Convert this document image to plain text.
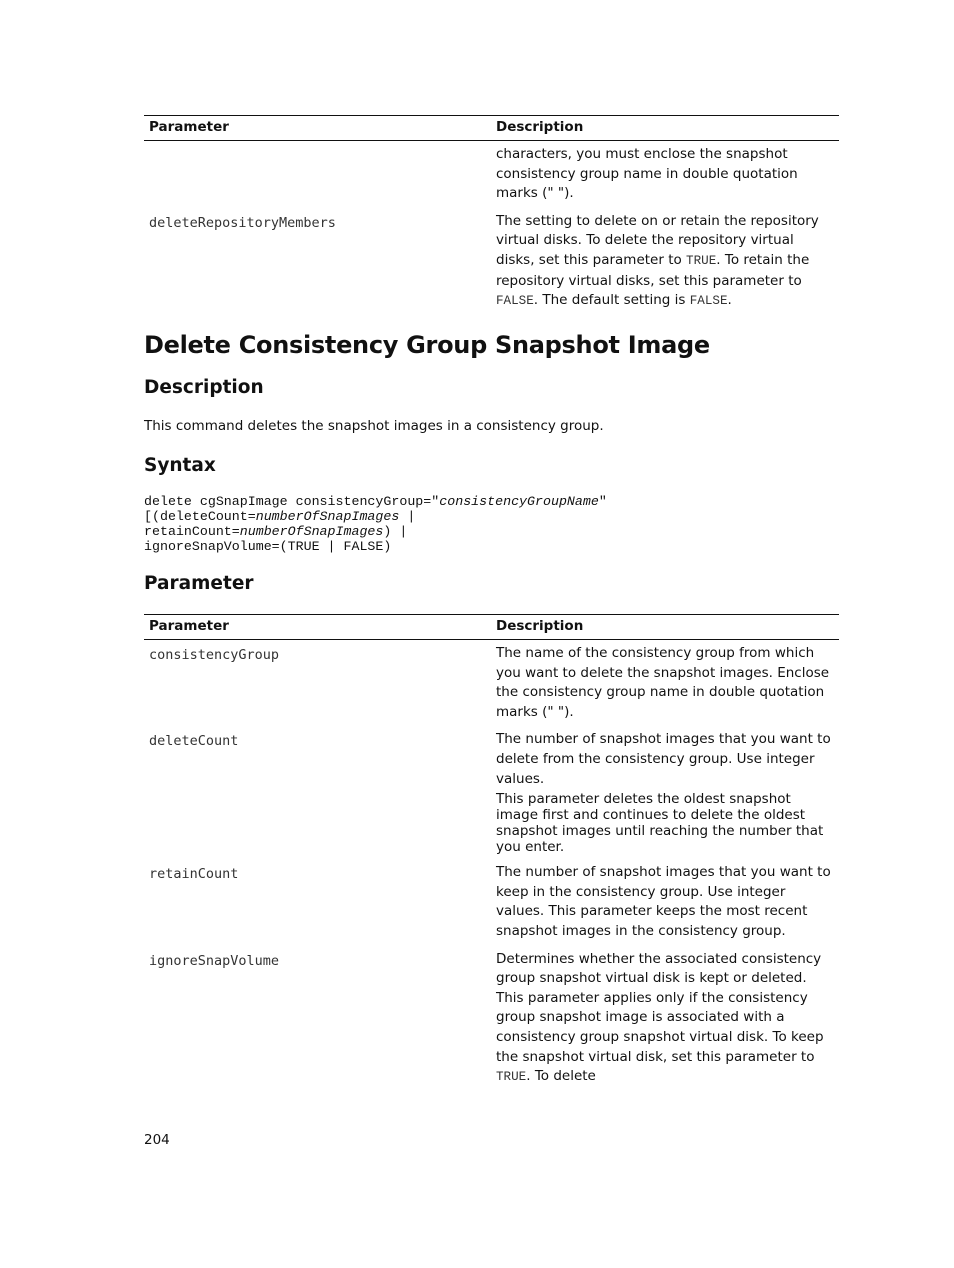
Parameter	Description
	characters, you must enclose the snapshot consistency group name in double quotation marks (" ").
deleteRepositoryMembers	The setting to delete on or retain the repository virtual disks. To delete the repository virtual disks, set this parameter to TRUE. To retain the repository virtual disks, set this parameter to FALSE. The default setting is FALSE.
Delete Consistency Group Snapshot Image
Description

This command deletes the snapshot images in a consistency group.

Syntax
delete cgSnapImage consistencyGroup="consistencyGroupName"
[(deleteCount=numberOfSnapImages |
retainCount=numberOfSnapImages) |
ignoreSnapVolume=(TRUE | FALSE)
Parameter
Parameter	Description
consistencyGroup	The name of the consistency group from which you want to delete the snapshot images. Enclose the consistency group name in double quotation marks (" ").
deleteCount	The number of snapshot images that you want to delete from the consistency group. Use integer values.
This parameter deletes the oldest snapshot image first and continues to delete the oldest snapshot images until reaching the number that you enter.

retainCount	The number of snapshot images that you want to keep in the consistency group. Use integer values. This parameter keeps the most recent snapshot images in the consistency group.
ignoreSnapVolume	Determines whether the associated consistency group snapshot virtual disk is kept or deleted. This parameter applies only if the consistency group snapshot image is associated with a consistency group snapshot virtual disk. To keep the snapshot virtual disk, set this parameter to TRUE. To delete
204
